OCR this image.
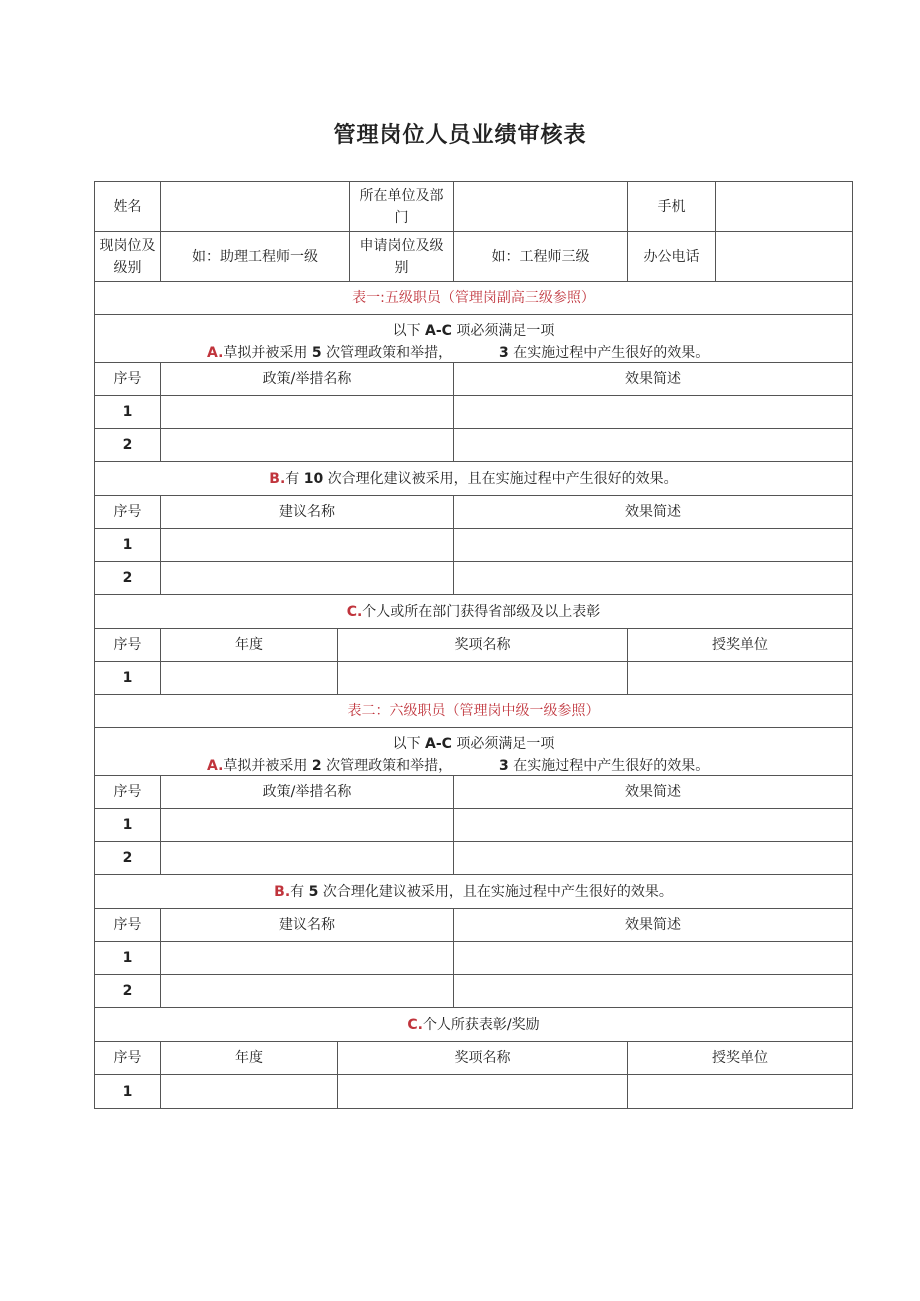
管理岗位人员业绩审核表
姓名			所在单位及部门		手机	
现岗位及级别	如：助理工程师一级		申请岗位及级别	如：工程师三级	办公电话	
表一:五级职员（管理岗副高三级参照）						

以下 A-C 项必须满足一项
A.草拟并被采用 5 次管理政策和举措， 3 在实施过程中产生很好的效果。						

序号	政策/举措名称			效果简述		
1						
2						
B.有 10 次合理化建议被采用，且在实施过程中产生很好的效果。						
序号	建议名称			效果简述		
1						
2						
C.个人或所在部门获得省部级及以上表彰						
序号	年度	奖项名称			授奖单位	
1						
表二：六级职员（管理岗中级一级参照）						

以下 A-C 项必须满足一项
A.草拟并被采用 2 次管理政策和举措， 3 在实施过程中产生很好的效果。						

序号	政策/举措名称			效果简述		
1						
2						
B.有 5 次合理化建议被采用，且在实施过程中产生很好的效果。						
序号	建议名称			效果简述		
1						
2						
C.个人所获表彰/奖励						
序号	年度	奖项名称			授奖单位	
1						
